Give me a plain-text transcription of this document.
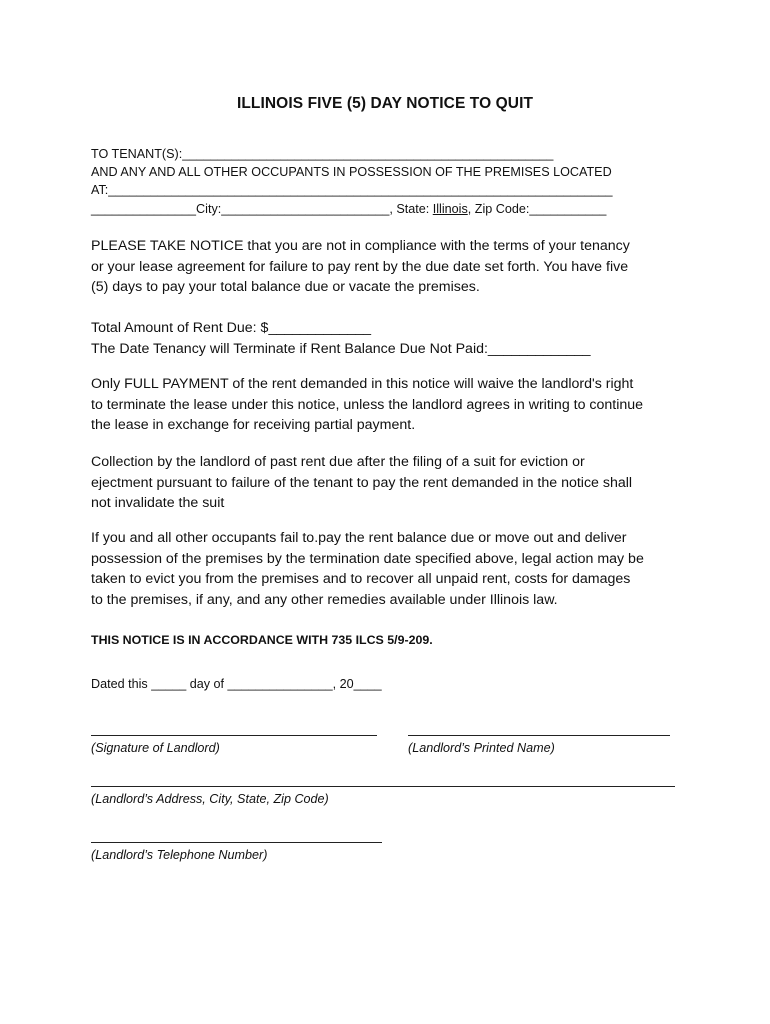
ILLINOIS FIVE (5) DAY NOTICE TO QUIT
TO TENANT(S):_____________________________________________________
AND ANY AND ALL OTHER OCCUPANTS IN POSSESSION OF THE PREMISES LOCATED
AT:________________________________________________________________________
_______________City:________________________, State: Illinois, Zip Code:___________
PLEASE TAKE NOTICE that you are not in compliance with the terms of your tenancy
or your lease agreement for failure to pay rent by the due date set forth. You have five
(5) days to pay your total balance due or vacate the premises.
Total Amount of Rent Due: $_____________
The Date Tenancy will Terminate if Rent Balance Due Not Paid:_____________
Only FULL PAYMENT of the rent demanded in this notice will waive the landlord's right
to terminate the lease under this notice, unless the landlord agrees in writing to continue
the lease in exchange for receiving partial payment.
Collection by the landlord of past rent due after the filing of a suit for eviction or
ejectment pursuant to failure of the tenant to pay the rent demanded in the notice shall
not invalidate the suit
If you and all other occupants fail to.pay the rent balance due or move out and deliver
possession of the premises by the termination date specified above, legal action may be
taken to evict you from the premises and to recover all unpaid rent, costs for damages
to the premises, if any, and any other remedies available under Illinois law.
THIS NOTICE IS IN ACCORDANCE WITH 735 ILCS 5/9-209.
Dated this _____ day of _______________, 20____
(Signature of Landlord)	(Landlord’s Printed Name)
(Landlord’s Address, City, State, Zip Code)
(Landlord’s Telephone Number)
